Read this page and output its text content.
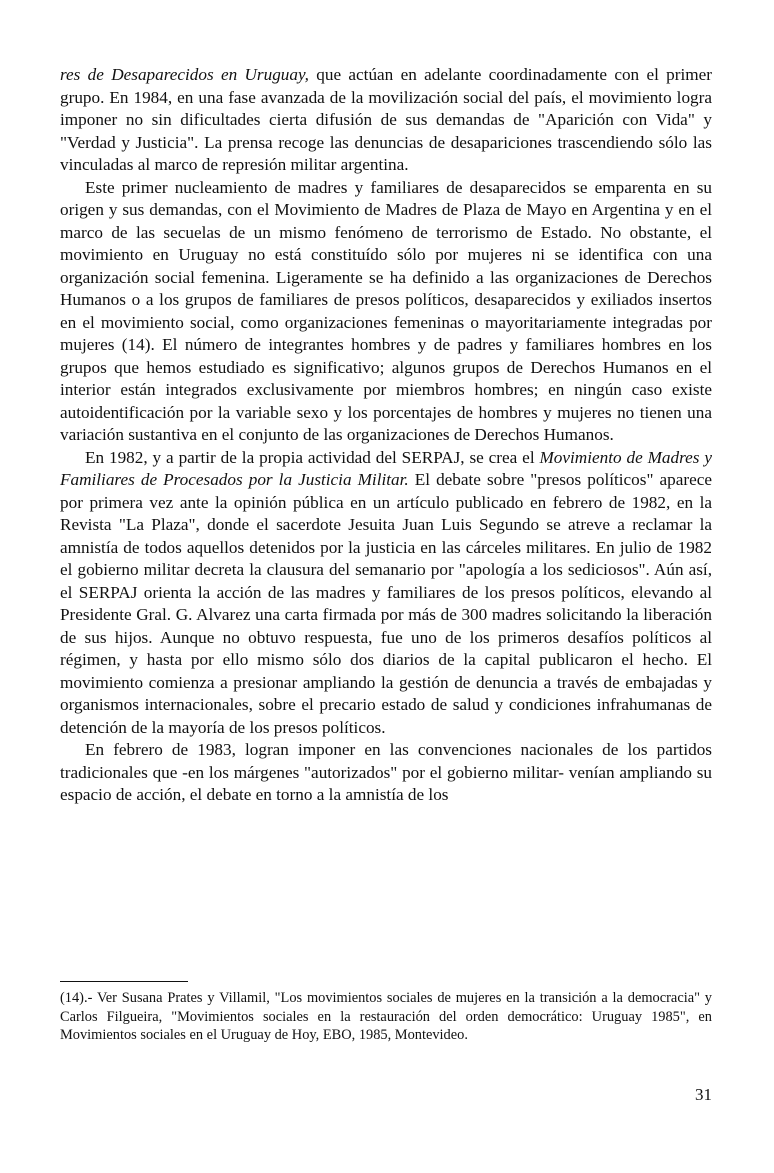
res de Desaparecidos en Uruguay, que actúan en adelante coordinadamente con el primer grupo. En 1984, en una fase avanzada de la movilización social del país, el movimiento logra imponer no sin dificultades cierta difusión de sus demandas de "Aparición con Vida" y "Verdad y Justicia". La prensa recoge las denuncias de desapariciones trascendiendo sólo las vinculadas al marco de represión militar argentina.

Este primer nucleamiento de madres y familiares de desaparecidos se emparenta en su origen y sus demandas, con el Movimiento de Madres de Plaza de Mayo en Argentina y en el marco de las secuelas de un mismo fenómeno de terrorismo de Estado. No obstante, el movimiento en Uruguay no está constituído sólo por mujeres ni se identifica con una organización social femenina. Ligeramente se ha definido a las organizaciones de Derechos Humanos o a los grupos de familiares de presos políticos, desaparecidos y exiliados insertos en el movimiento social, como organizaciones femeninas o mayoritariamente integradas por mujeres (14). El número de integrantes hombres y de padres y familiares hombres en los grupos que hemos estudiado es significativo; algunos grupos de Derechos Humanos en el interior están integrados exclusivamente por miembros hombres; en ningún caso existe autoidentificación por la variable sexo y los porcentajes de hombres y mujeres no tienen una variación sustantiva en el conjunto de las organizaciones de Derechos Humanos.

En 1982, y a partir de la propia actividad del SERPAJ, se crea el Movimiento de Madres y Familiares de Procesados por la Justicia Militar. El debate sobre "presos políticos" aparece por primera vez ante la opinión pública en un artículo publicado en febrero de 1982, en la Revista "La Plaza", donde el sacerdote Jesuita Juan Luis Segundo se atreve a reclamar la amnistía de todos aquellos detenidos por la justicia en las cárceles militares. En julio de 1982 el gobierno militar decreta la clausura del semanario por "apología a los sediciosos". Aún así, el SERPAJ orienta la acción de las madres y familiares de los presos políticos, elevando al Presidente Gral. G. Alvarez una carta firmada por más de 300 madres solicitando la liberación de sus hijos. Aunque no obtuvo respuesta, fue uno de los primeros desafíos políticos al régimen, y hasta por ello mismo sólo dos diarios de la capital publicaron el hecho. El movimiento comienza a presionar ampliando la gestión de denuncia a través de embajadas y organismos internacionales, sobre el precario estado de salud y condiciones infrahumanas de detención de la mayoría de los presos políticos.

En febrero de 1983, logran imponer en las convenciones nacionales de los partidos tradicionales que -en los márgenes "autorizados" por el gobierno militar- venían ampliando su espacio de acción, el debate en torno a la amnistía de los

(14).- Ver Susana Prates y Villamil, "Los movimientos sociales de mujeres en la transición a la democracia" y Carlos Filgueira, "Movimientos sociales en la restauración del orden democrático: Uruguay 1985", en Movimientos sociales en el Uruguay de Hoy, EBO, 1985, Montevideo.
31
